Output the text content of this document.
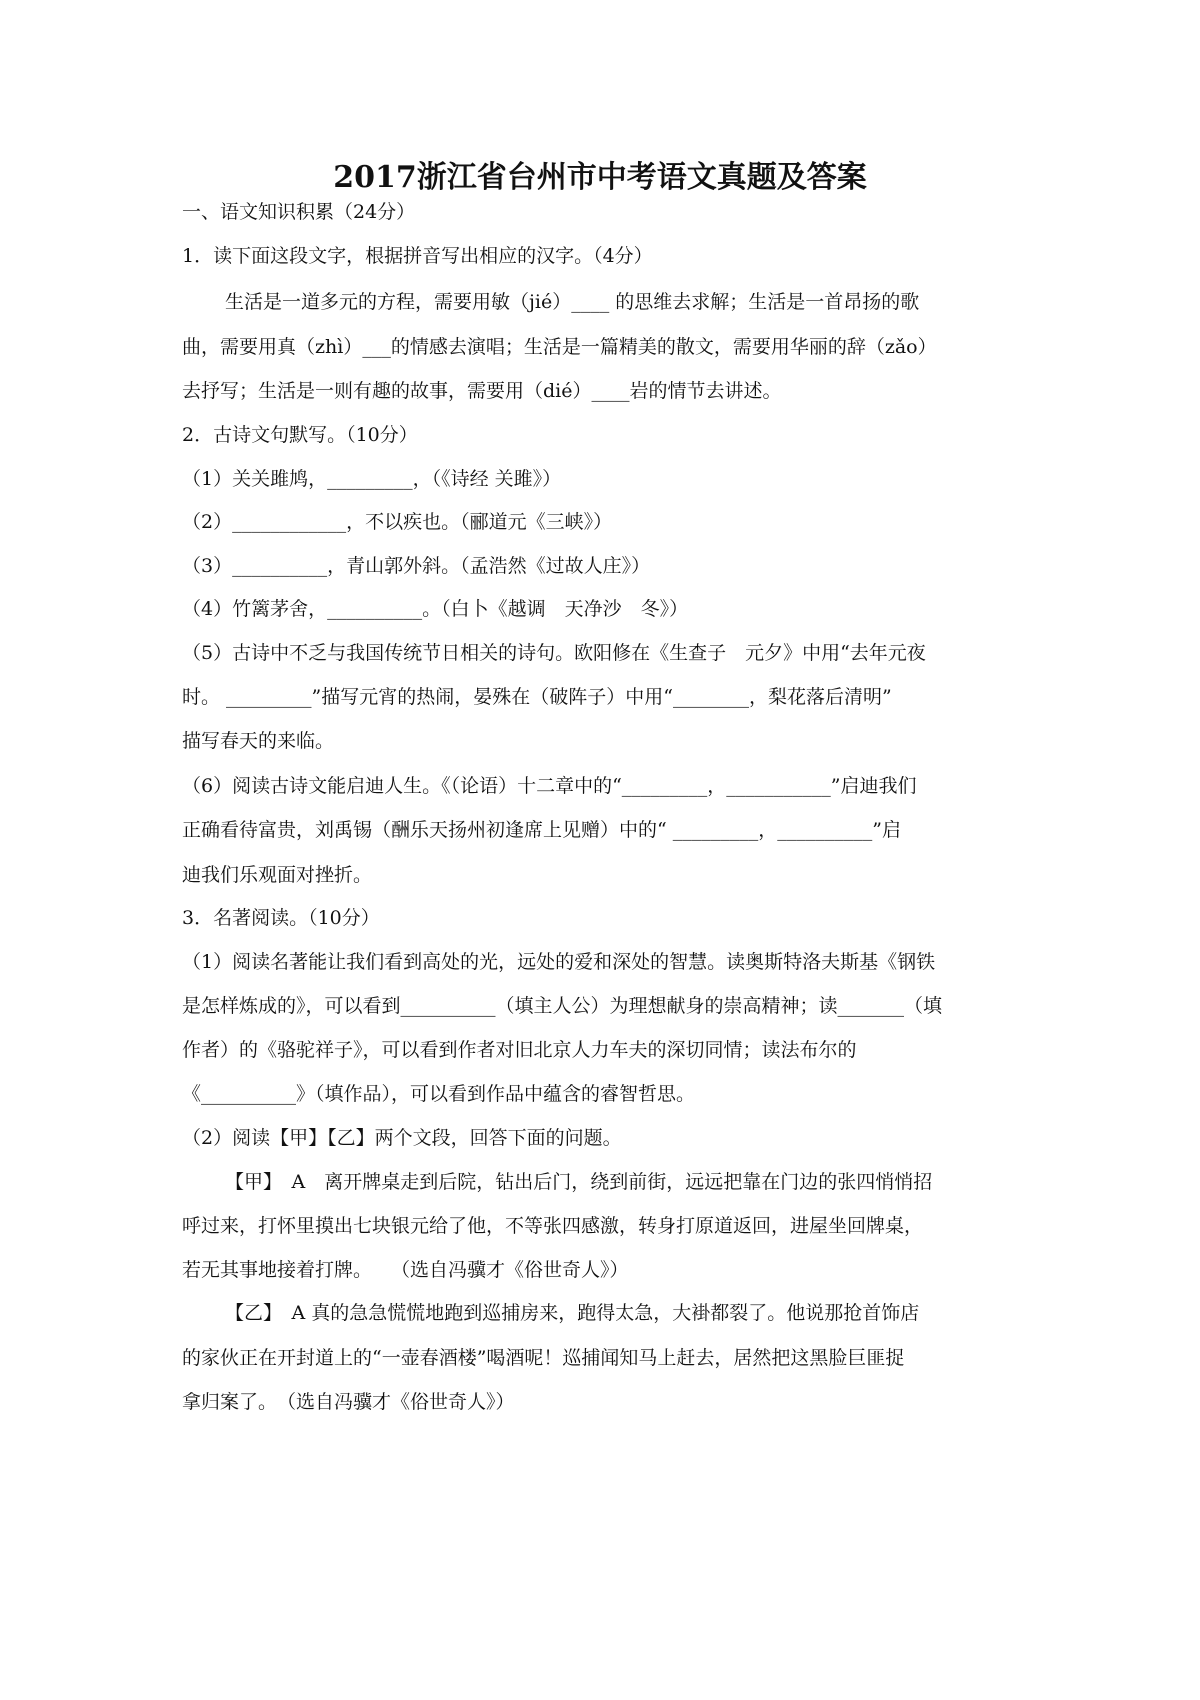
2017浙江省台州市中考语文真题及答案
一、语文知识积累（24分）
1．读下面这段文字，根据拼音写出相应的汉字。（4分）
生活是一道多元的方程，需要用敏（jié）____ 的思维去求解；生活是一首昂扬的歌
曲，需要用真（zhì）___的情感去演唱；生活是一篇精美的散文，需要用华丽的辞（zǎo）
去抒写；生活是一则有趣的故事，需要用（dié）____岩的情节去讲述。
2．古诗文句默写。（10分）
（1）关关雎鸠，_________，（《诗经 关雎》）
（2）____________，不以疾也。（郦道元《三峡》）
（3）__________，青山郭外斜。（孟浩然《过故人庄》）
（4）竹篱茅舍，__________。（白卜《越调　天净沙　冬》）
（5）古诗中不乏与我国传统节日相关的诗句。欧阳修在《生查子　元夕》中用“去年元夜
时。 _________”描写元宵的热闹，晏殊在（破阵子）中用“________，梨花落后清明”
描写春天的来临。
（6）阅读古诗文能启迪人生。《（论语）十二章中的“_________，___________”启迪我们
正确看待富贵，刘禹锡（酬乐天扬州初逢席上见赠）中的“ _________，__________”启
迪我们乐观面对挫折。
3．名著阅读。（10分）
（1）阅读名著能让我们看到高处的光，远处的爱和深处的智慧。读奥斯特洛夫斯基《钢铁
是怎样炼成的》，可以看到__________（填主人公）为理想献身的崇高精神；读_______（填
作者）的《骆驼祥子》，可以看到作者对旧北京人力车夫的深切同情；读法布尔的
《__________》（填作品），可以看到作品中蕴含的睿智哲思。
（2）阅读【甲】【乙】两个文段，回答下面的问题。
【甲】　A　离开牌桌走到后院，钻出后门，绕到前街，远远把靠在门边的张四悄悄招
呼过来，打怀里摸出七块银元给了他，不等张四感激，转身打原道返回，进屋坐回牌桌，
若无其事地接着打牌。　　（选自冯骥才《俗世奇人》）
【乙】　A 真的急急慌慌地跑到巡捕房来，跑得太急，大褂都裂了。他说那抢首饰店
的家伙正在开封道上的“一壶春酒楼”喝酒呢！巡捕闻知马上赶去，居然把这黑脸巨匪捉
拿归案了。　（选自冯骥才《俗世奇人》）
